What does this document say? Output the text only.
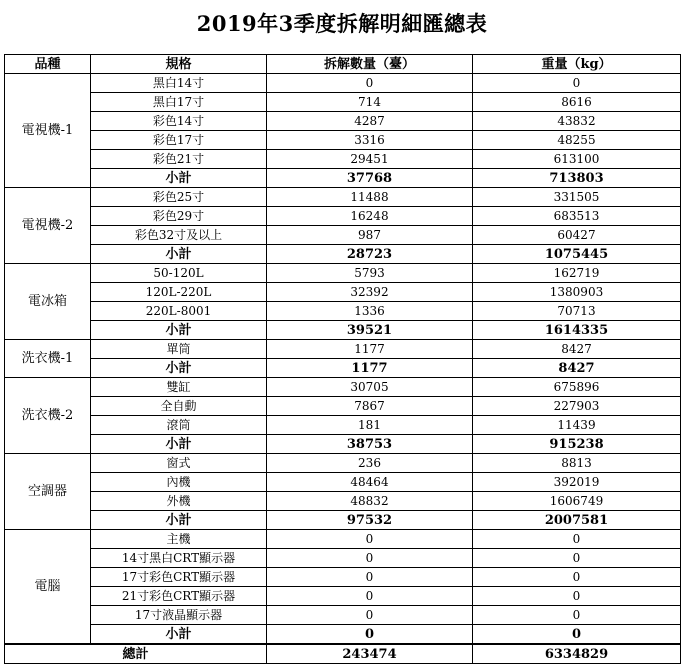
2019年3季度拆解明細匯總表
品種	規格	拆解數量（臺）	重量（kg）
電視機-1	黑白14寸	0	0
	黑白17寸	714	8616
	彩色14寸	4287	43832
	彩色17寸	3316	48255
	彩色21寸	29451	613100
	小計	37768	713803
電視機-2	彩色25寸	11488	331505
	彩色29寸	16248	683513
	彩色32寸及以上	987	60427
	小計	28723	1075445
電冰箱	50-120L	5793	162719
	120L-220L	32392	1380903
	220L-8001	1336	70713
	小計	39521	1614335
洗衣機-1	單筒	1177	8427
	小計	1177	8427
洗衣機-2	雙缸	30705	675896
	全自動	7867	227903
	滾筒	181	11439
	小計	38753	915238
空調器	窗式	236	8813
	內機	48464	392019
	外機	48832	1606749
	小計	97532	2007581
電腦	主機	0	0
	14寸黑白CRT顯示器	0	0
	17寸彩色CRT顯示器	0	0
	21寸彩色CRT顯示器	0	0
	17寸液晶顯示器	0	0
	小計	0	0
總計		243474	6334829
